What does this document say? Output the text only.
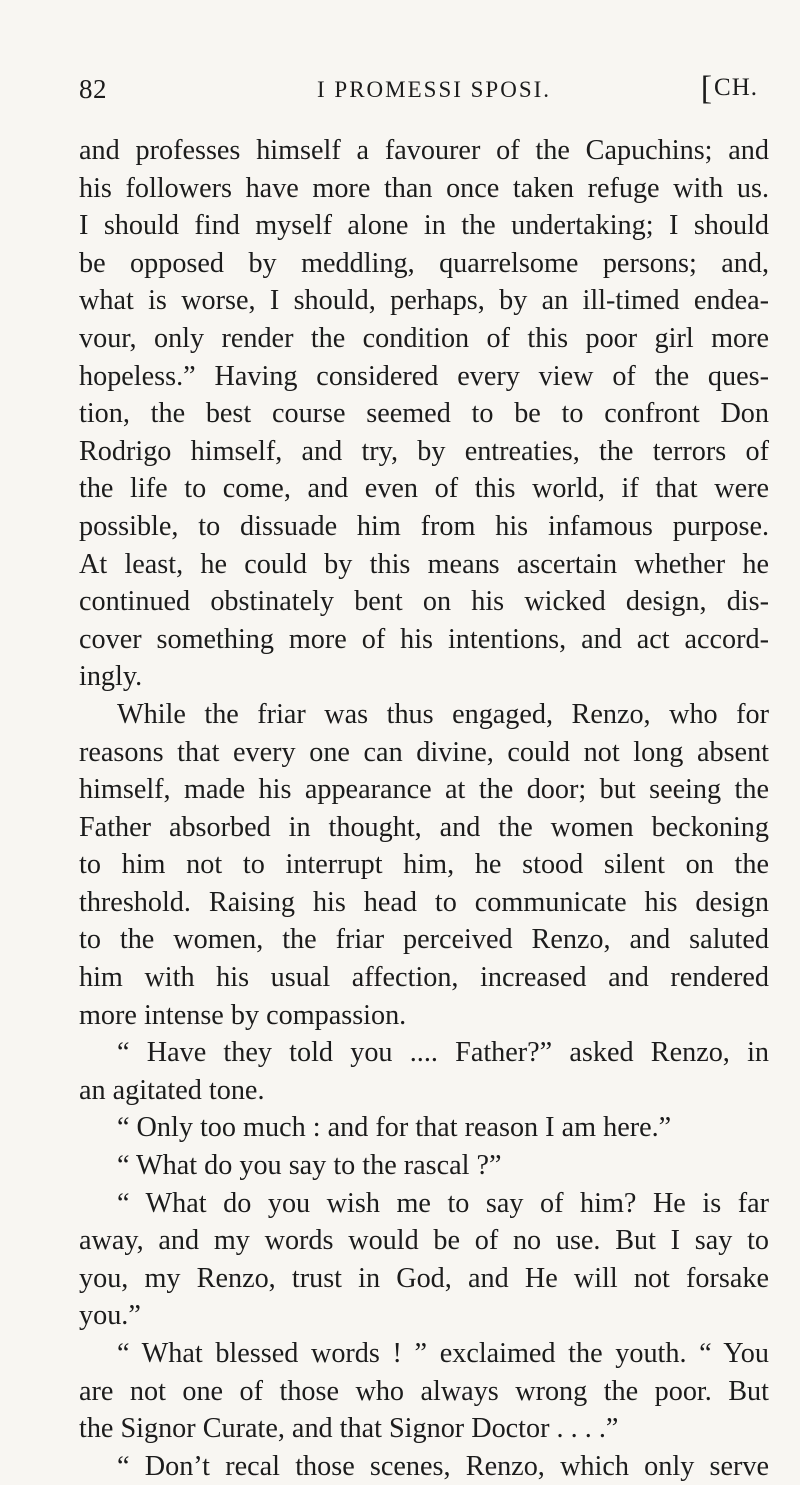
82	I PROMESSI SPOSI.	[CH.
and professes himself a favourer of the Capuchins; and
his followers have more than once taken refuge with us.
I should find myself alone in the undertaking; I should
be opposed by meddling, quarrelsome persons; and,
what is worse, I should, perhaps, by an ill-timed endea-
vour, only render the condition of this poor girl more
hopeless.” Having considered every view of the ques-
tion, the best course seemed to be to confront Don
Rodrigo himself, and try, by entreaties, the terrors of
the life to come, and even of this world, if that were
possible, to dissuade him from his infamous purpose.
At least, he could by this means ascertain whether he
continued obstinately bent on his wicked design, dis-
cover something more of his intentions, and act accord-
ingly.
While the friar was thus engaged, Renzo, who for
reasons that every one can divine, could not long absent
himself, made his appearance at the door; but seeing the
Father absorbed in thought, and the women beckoning
to him not to interrupt him, he stood silent on the
threshold. Raising his head to communicate his design
to the women, the friar perceived Renzo, and saluted
him with his usual affection, increased and rendered
more intense by compassion.
“ Have they told you .... Father?” asked Renzo, in
an agitated tone.
“ Only too much : and for that reason I am here.”
“ What do you say to the rascal ?”
“ What do you wish me to say of him? He is far
away, and my words would be of no use. But I say to
you, my Renzo, trust in God, and He will not forsake
you.”
“ What blessed words ! ” exclaimed the youth. “ You
are not one of those who always wrong the poor. But
the Signor Curate, and that Signor Doctor . . . .”
“ Don’t recal those scenes, Renzo, which only serve
